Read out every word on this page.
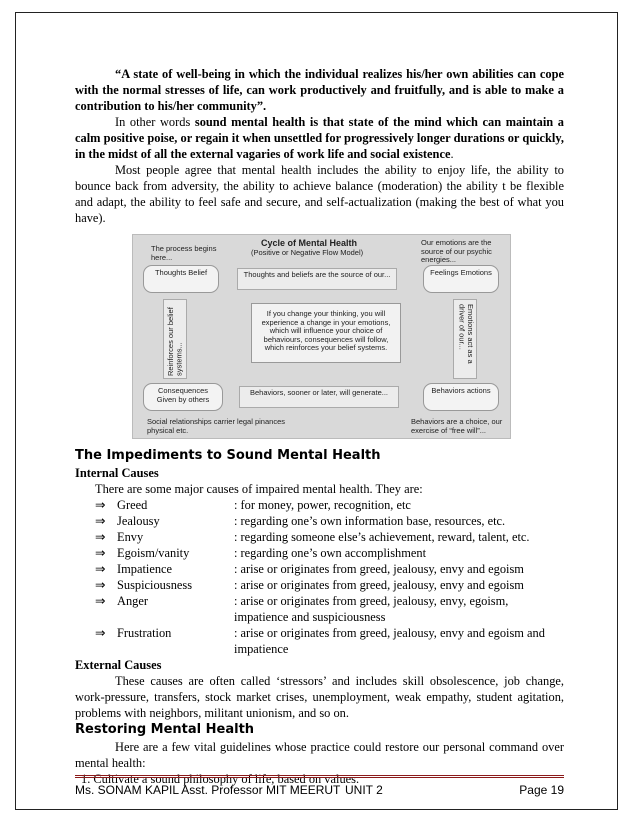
“A state of well-being in which the individual realizes his/her own abilities can cope with the normal stresses of life, can work productively and fruitfully, and is able to make a contribution to his/her community”.

In other words sound mental health is that state of the mind which can maintain a calm positive poise, or regain it when unsettled for progressively longer durations or quickly, in the midst of all the external vagaries of work life and social existence.

Most people agree that mental health includes the ability to enjoy life, the ability to bounce back from adversity, the ability to achieve balance (moderation) the ability t be flexible and adapt, the ability to feel safe and secure, and self-actualization (making the best of what you have).

Cycle of Mental Health
(Positive or Negative Flow Model)
The process begins here...
Our emotions are the source of our psychic energies...
Thoughts Belief	Thoughts and beliefs are the source of our...	Feelings Emotions
Reinforces our belief systems...	Emotions act as a driver of our...
If you change your thinking, you will experience a change in your emotions, which will influence your choice of behaviours, consequences will follow, which reinforces your belief systems.
Consequences Given by others
Behaviors, sooner or later, will generate...	Behaviors actions
Social relationships carrier legal pinances physical etc.
Behaviors are a choice, our exercise of “free will”...
The Impediments to Sound Mental Health

Internal Causes

There are some major causes of impaired mental health. They are:

⇒ Greed	: for money, power, recognition, etc
⇒ Jealousy	: regarding one’s own information base, resources, etc.
⇒ Envy	: regarding someone else’s achievement, reward, talent, etc.
⇒ Egoism/vanity	: regarding one’s own accomplishment
⇒ Impatience	: arise or originates from greed, jealousy, envy and egoism
⇒ Suspiciousness	: arise or originates from greed, jealousy, envy and egoism
⇒ Anger	: arise or originates from greed, jealousy, envy, egoism, impatience and suspiciousness
⇒ Frustration	: arise or originates from greed, jealousy, envy and egoism and impatience

External Causes

These causes are often called ‘stressors’ and includes skill obsolescence, job change, work-pressure, transfers, stock market crises, unemployment, weak empathy, student agitation, problems with neighbors, militant unionism, and so on.

Restoring Mental Health

Here are a few vital guidelines whose practice could restore our personal command over mental health:

1. Cultivate a sound philosophy of life, based on values.

Ms. SONAM KAPIL Asst. Professor MIT MEERUT UNIT 2	Page 19
